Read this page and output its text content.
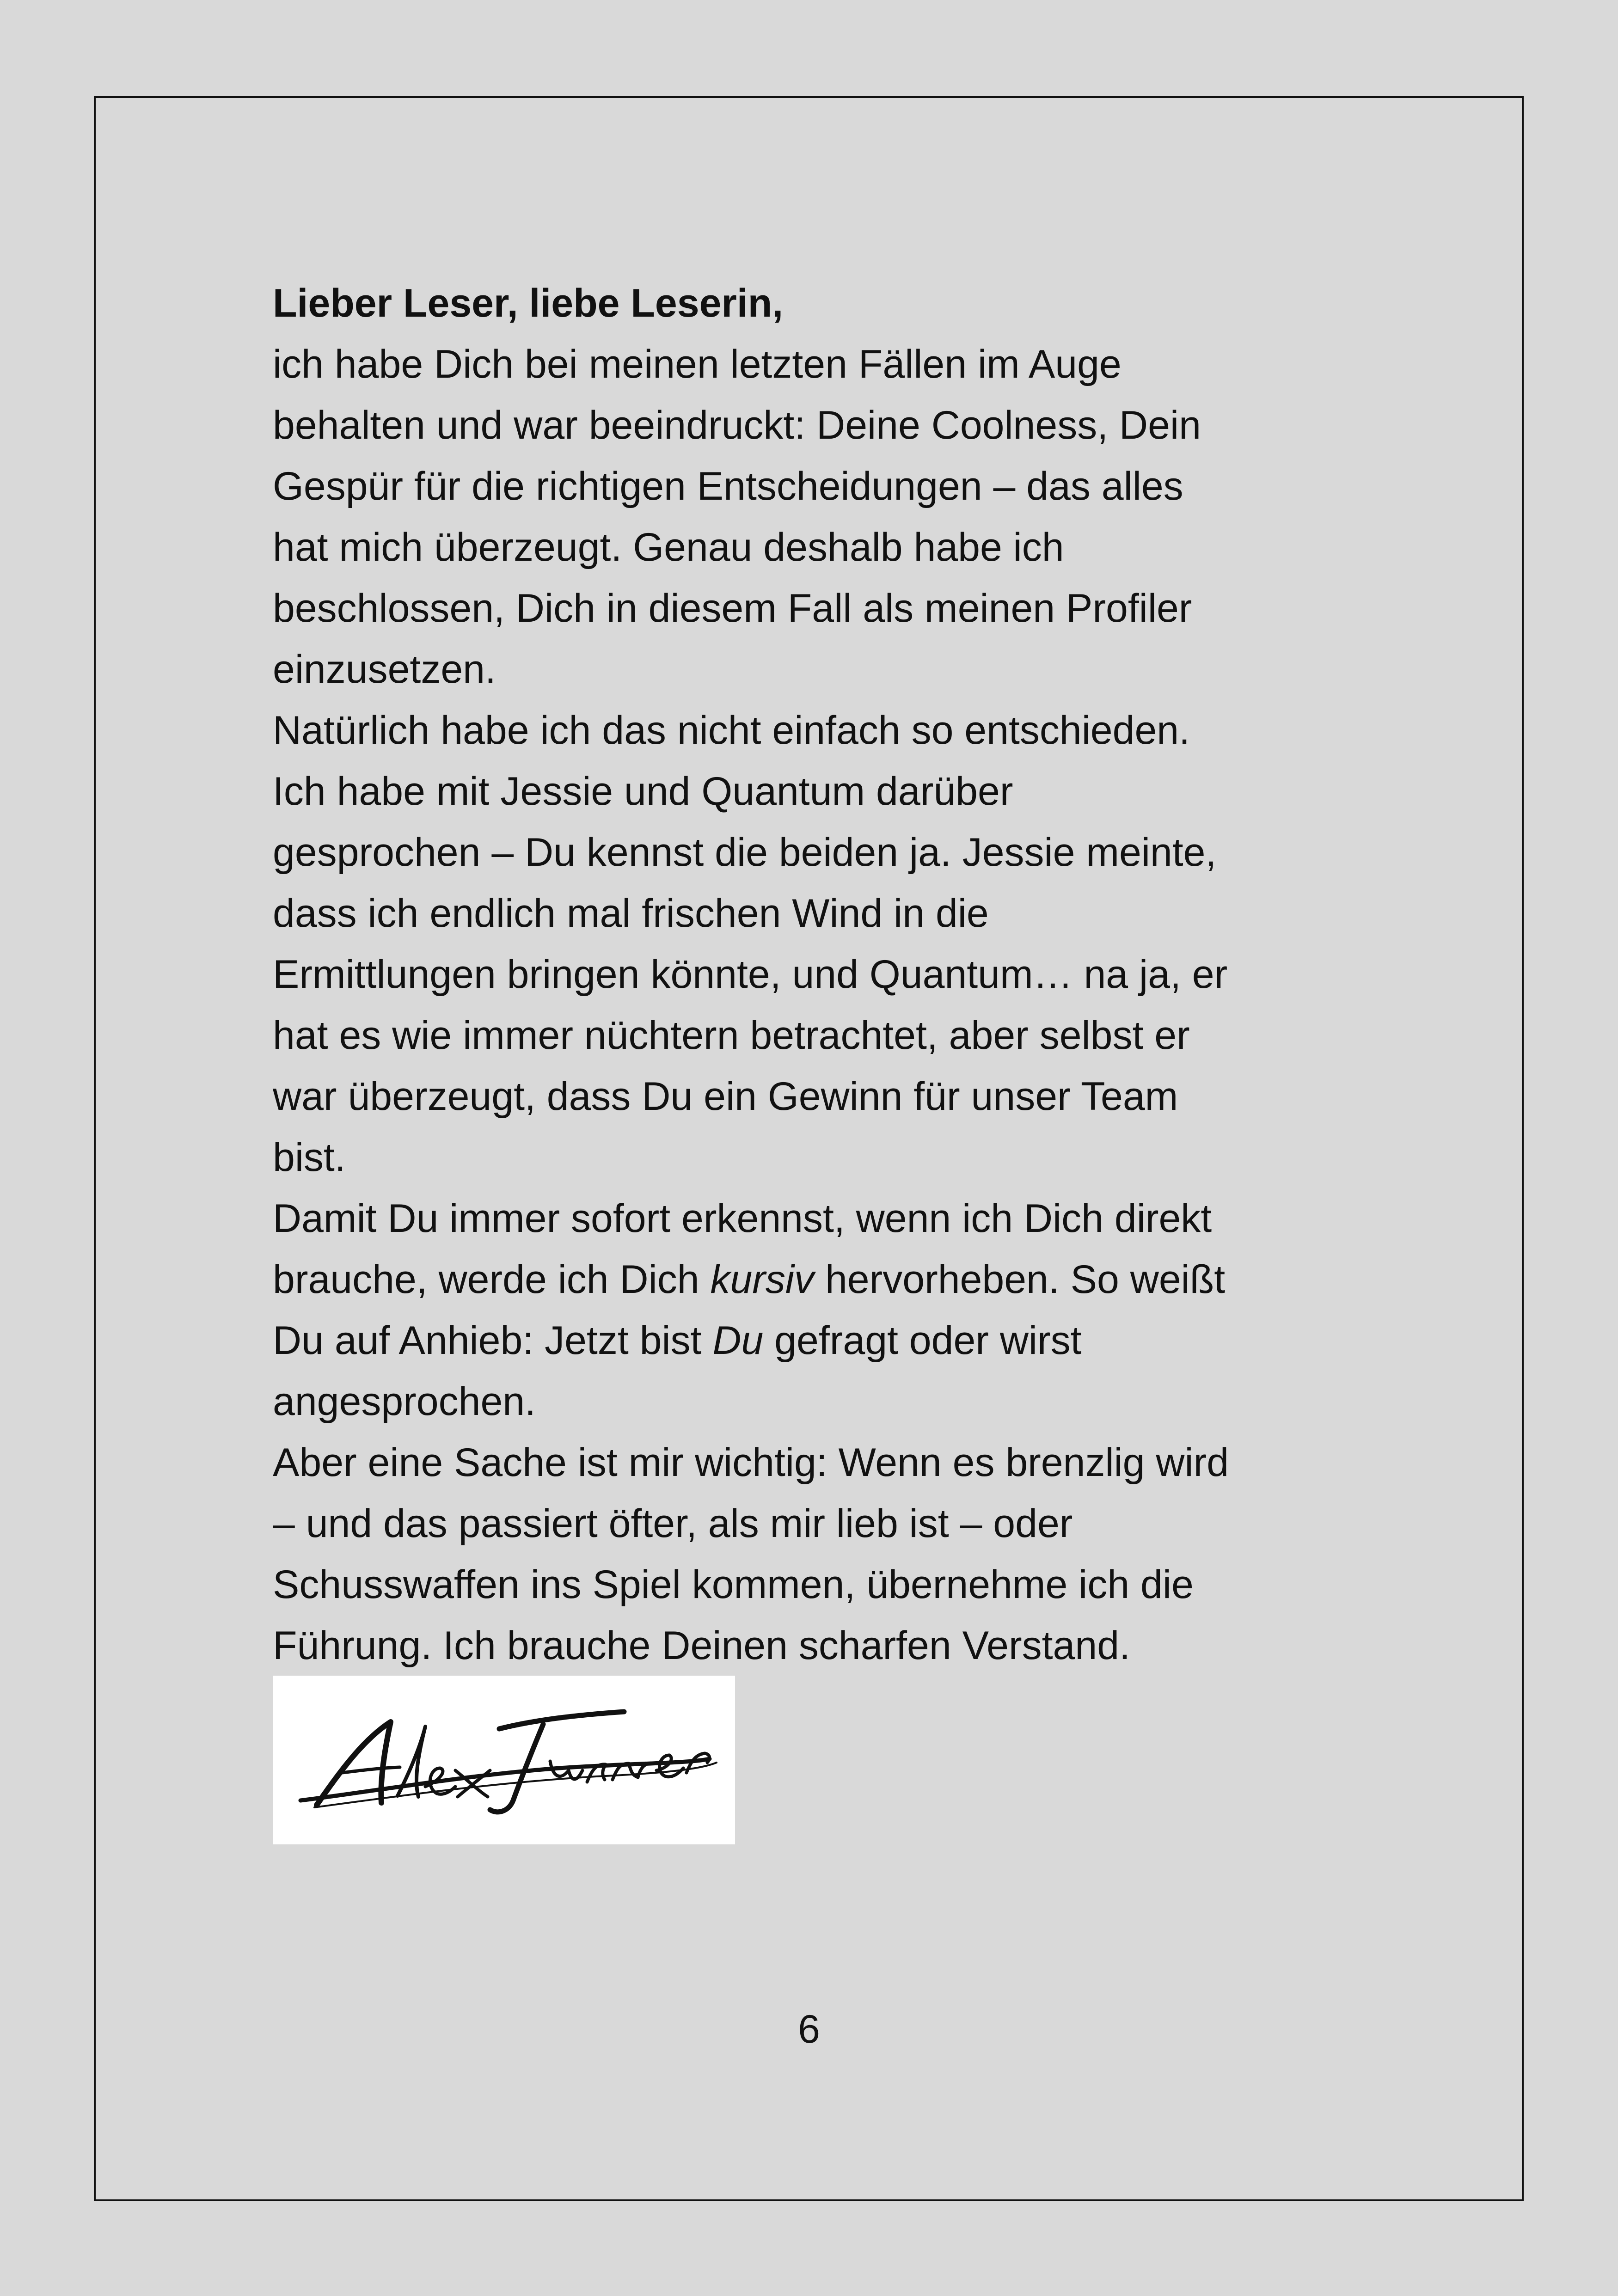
Lieber Leser, liebe Leserin,
ich habe Dich bei meinen letzten Fällen im Auge
behalten und war beeindruckt: Deine Coolness, Dein
Gespür für die richtigen Entscheidungen – das alles
hat mich überzeugt. Genau deshalb habe ich
beschlossen, Dich in diesem Fall als meinen Profiler
einzusetzen.
Natürlich habe ich das nicht einfach so entschieden.
Ich habe mit Jessie und Quantum darüber
gesprochen – Du kennst die beiden ja. Jessie meinte,
dass ich endlich mal frischen Wind in die
Ermittlungen bringen könnte, und Quantum… na ja, er
hat es wie immer nüchtern betrachtet, aber selbst er
war überzeugt, dass Du ein Gewinn für unser Team
bist.
Damit Du immer sofort erkennst, wenn ich Dich direkt
brauche, werde ich Dich kursiv hervorheben. So weißt
Du auf Anhieb: Jetzt bist Du gefragt oder wirst
angesprochen.
Aber eine Sache ist mir wichtig: Wenn es brenzlig wird
– und das passiert öfter, als mir lieb ist – oder
Schusswaffen ins Spiel kommen, übernehme ich die
Führung. Ich brauche Deinen scharfen Verstand.
6
